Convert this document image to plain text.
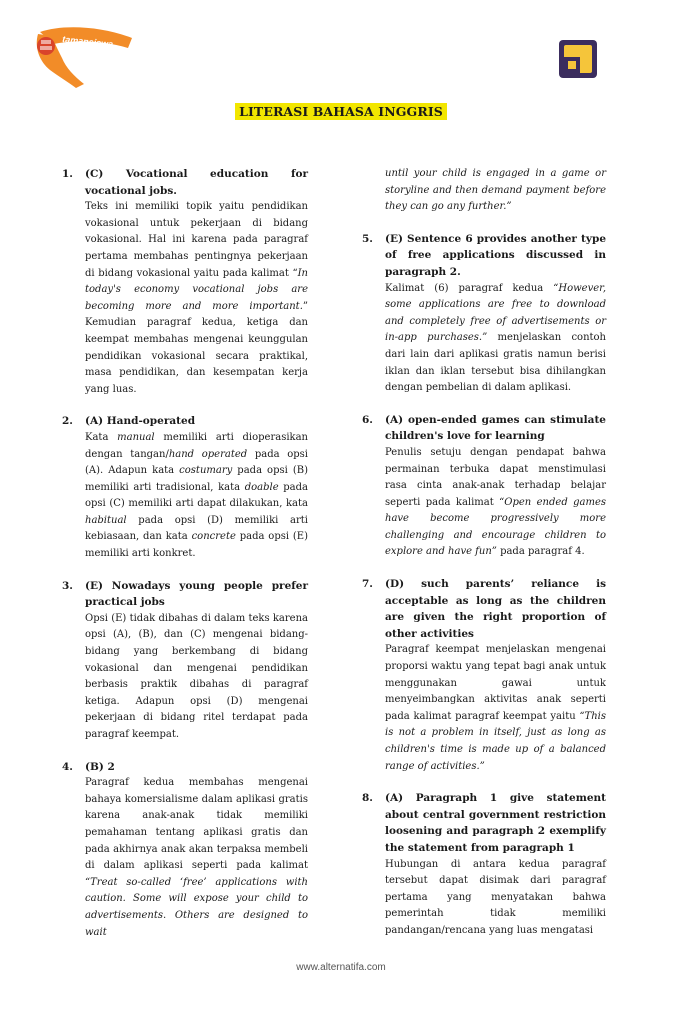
tamansiswa
LITERASI BAHASA INGGRIS
1. (C) Vocational education for vocational jobs.
Teks ini memiliki topik yaitu pendidikan vokasional untuk pekerjaan di bidang vokasional. Hal ini karena pada paragraf pertama membahas pentingnya pekerjaan di bidang vokasional yaitu pada kalimat “In today's economy vocational jobs are becoming more and more important.” Kemudian paragraf kedua, ketiga dan keempat membahas mengenai keunggulan pendidikan vokasional secara praktikal, masa pendidikan, dan kesempatan kerja yang luas.
2. (A) Hand-operated
Kata manual memiliki arti dioperasikan dengan tangan/hand operated pada opsi (A). Adapun kata costumary pada opsi (B) memiliki arti tradisional, kata doable pada opsi (C) memiliki arti dapat dilakukan, kata habitual pada opsi (D) memiliki arti kebiasaan, dan kata concrete pada opsi (E) memiliki arti konkret.
3. (E) Nowadays young people prefer practical jobs
Opsi (E) tidak dibahas di dalam teks karena opsi (A), (B), dan (C) mengenai bidang-bidang yang berkembang di bidang vokasional dan mengenai pendidikan berbasis praktik dibahas di paragraf ketiga. Adapun opsi (D) mengenai pekerjaan di bidang ritel terdapat pada paragraf keempat.
4. (B) 2
Paragraf kedua membahas mengenai bahaya komersialisme dalam aplikasi gratis karena anak-anak tidak memiliki pemahaman tentang aplikasi gratis dan pada akhirnya anak akan terpaksa membeli di dalam aplikasi seperti pada kalimat “Treat so-called ‘free’ applications with caution. Some will expose your child to advertisements. Others are designed to wait
until your child is engaged in a game or storyline and then demand payment before they can go any further.”
5. (E) Sentence 6 provides another type of free applications discussed in paragraph 2.
Kalimat (6) paragraf kedua “However, some applications are free to download and completely free of advertisements or in-app purchases.” menjelaskan contoh dari lain dari aplikasi gratis namun berisi iklan dan iklan tersebut bisa dihilangkan dengan pembelian di dalam aplikasi.
6. (A) open-ended games can stimulate children's love for learning
Penulis setuju dengan pendapat bahwa permainan terbuka dapat menstimulasi rasa cinta anak-anak terhadap belajar seperti pada kalimat “Open ended games have become progressively more challenging and encourage children to explore and have fun” pada paragraf 4.
7. (D) such parents’ reliance is acceptable as long as the children are given the right proportion of other activities
Paragraf keempat menjelaskan mengenai proporsi waktu yang tepat bagi anak untuk menggunakan gawai untuk menyeimbangkan aktivitas anak seperti pada kalimat paragraf keempat yaitu “This is not a problem in itself, just as long as children's time is made up of a balanced range of activities.”
8. (A) Paragraph 1 give statement about central government restriction loosening and paragraph 2 exemplify the statement from paragraph 1
Hubungan di antara kedua paragraf tersebut dapat disimak dari paragraf pertama yang menyatakan bahwa pemerintah tidak memiliki pandangan/rencana yang luas mengatasi
www.alternatifa.com
